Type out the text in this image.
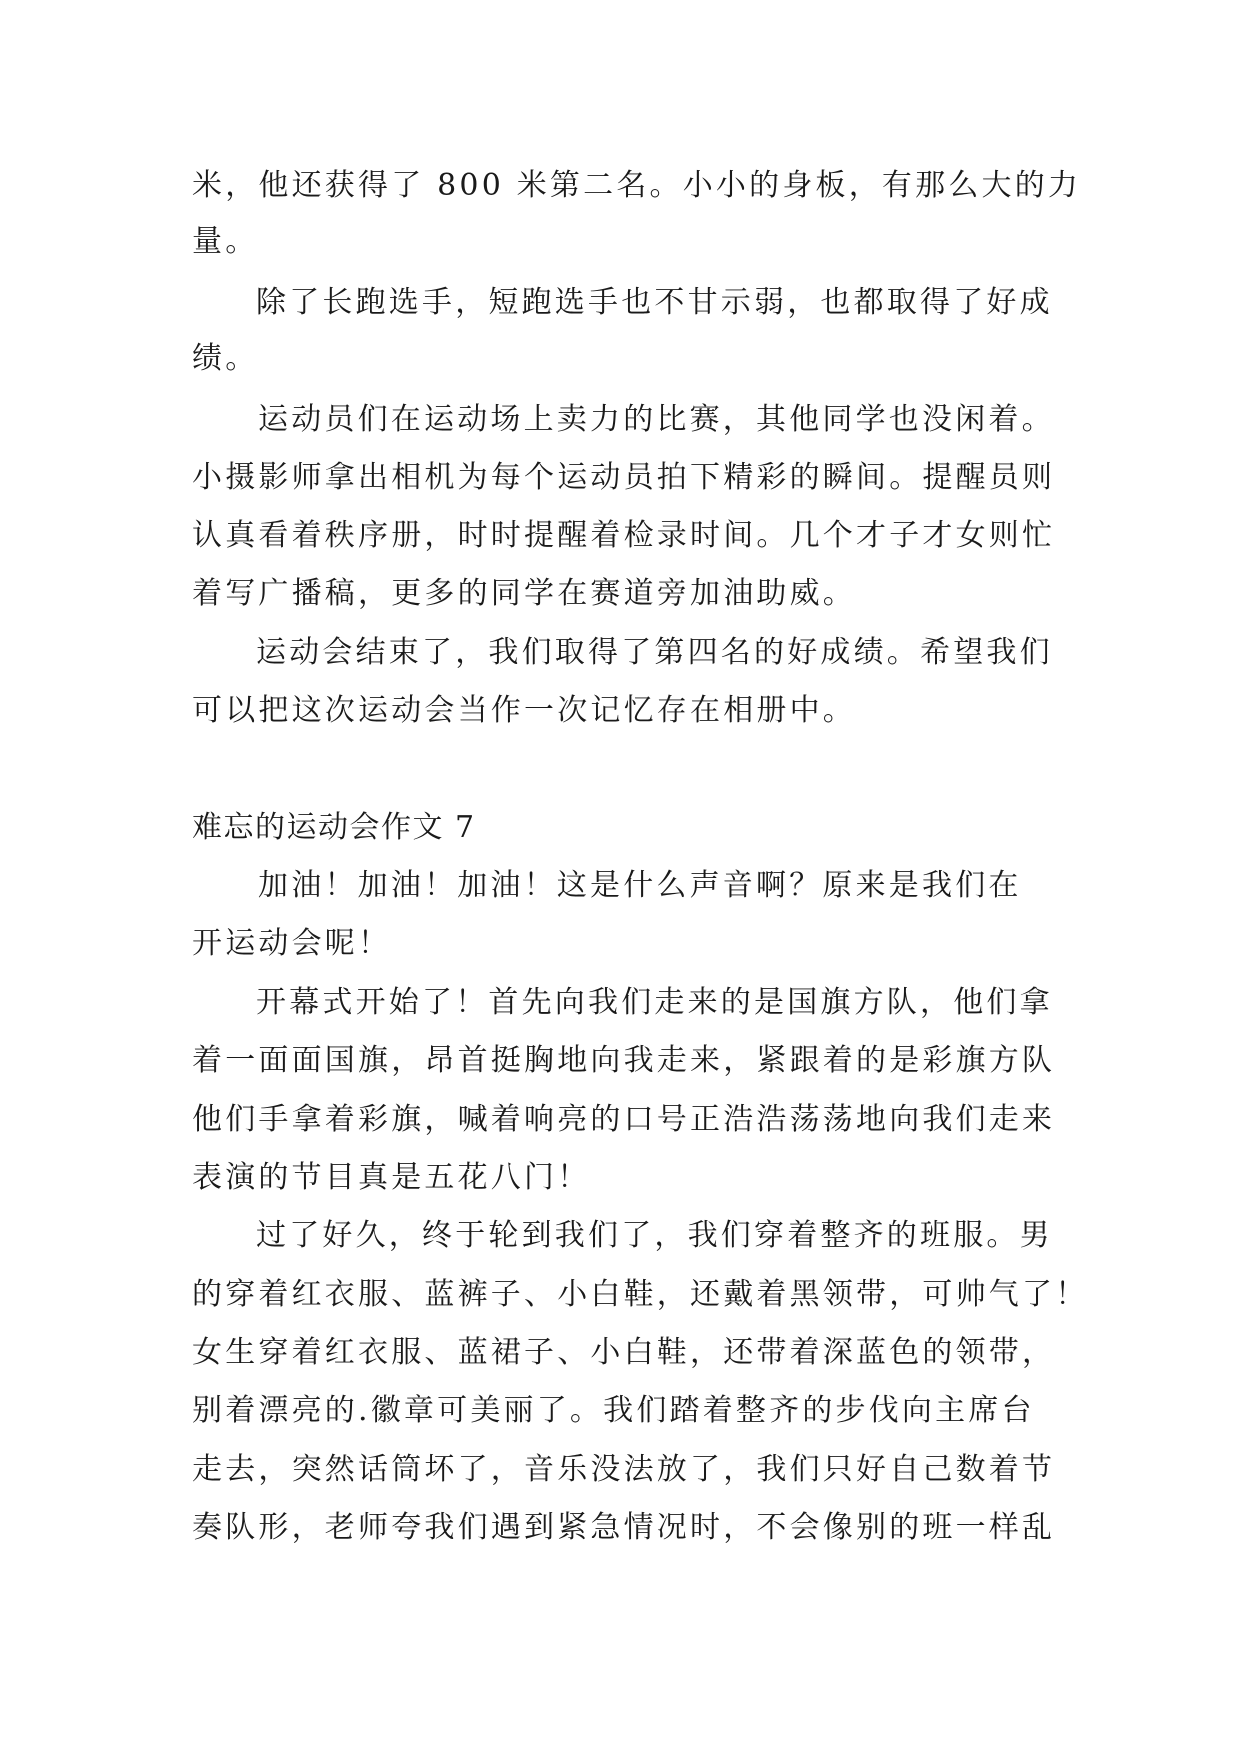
米，他还获得了 800 米第二名。小小的身板，有那么大的力
量。
除了长跑选手，短跑选手也不甘示弱，也都取得了好成
绩。
运动员们在运动场上卖力的比赛，其他同学也没闲着。
小摄影师拿出相机为每个运动员拍下精彩的瞬间。提醒员则
认真看着秩序册，时时提醒着检录时间。几个才子才女则忙
着写广播稿，更多的同学在赛道旁加油助威。
运动会结束了，我们取得了第四名的好成绩。希望我们
可以把这次运动会当作一次记忆存在相册中。
难忘的运动会作文 7
加油！加油！加油！这是什么声音啊？原来是我们在
开运动会呢！
开幕式开始了！首先向我们走来的是国旗方队，他们拿
着一面面国旗，昂首挺胸地向我走来，紧跟着的是彩旗方队
他们手拿着彩旗，喊着响亮的口号正浩浩荡荡地向我们走来
表演的节目真是五花八门！
过了好久，终于轮到我们了，我们穿着整齐的班服。男
的穿着红衣服、蓝裤子、小白鞋，还戴着黑领带，可帅气了！
女生穿着红衣服、蓝裙子、小白鞋，还带着深蓝色的领带，
别着漂亮的.徽章可美丽了。我们踏着整齐的步伐向主席台
走去，突然话筒坏了，音乐没法放了，我们只好自己数着节
奏队形，老师夸我们遇到紧急情况时，不会像别的班一样乱
